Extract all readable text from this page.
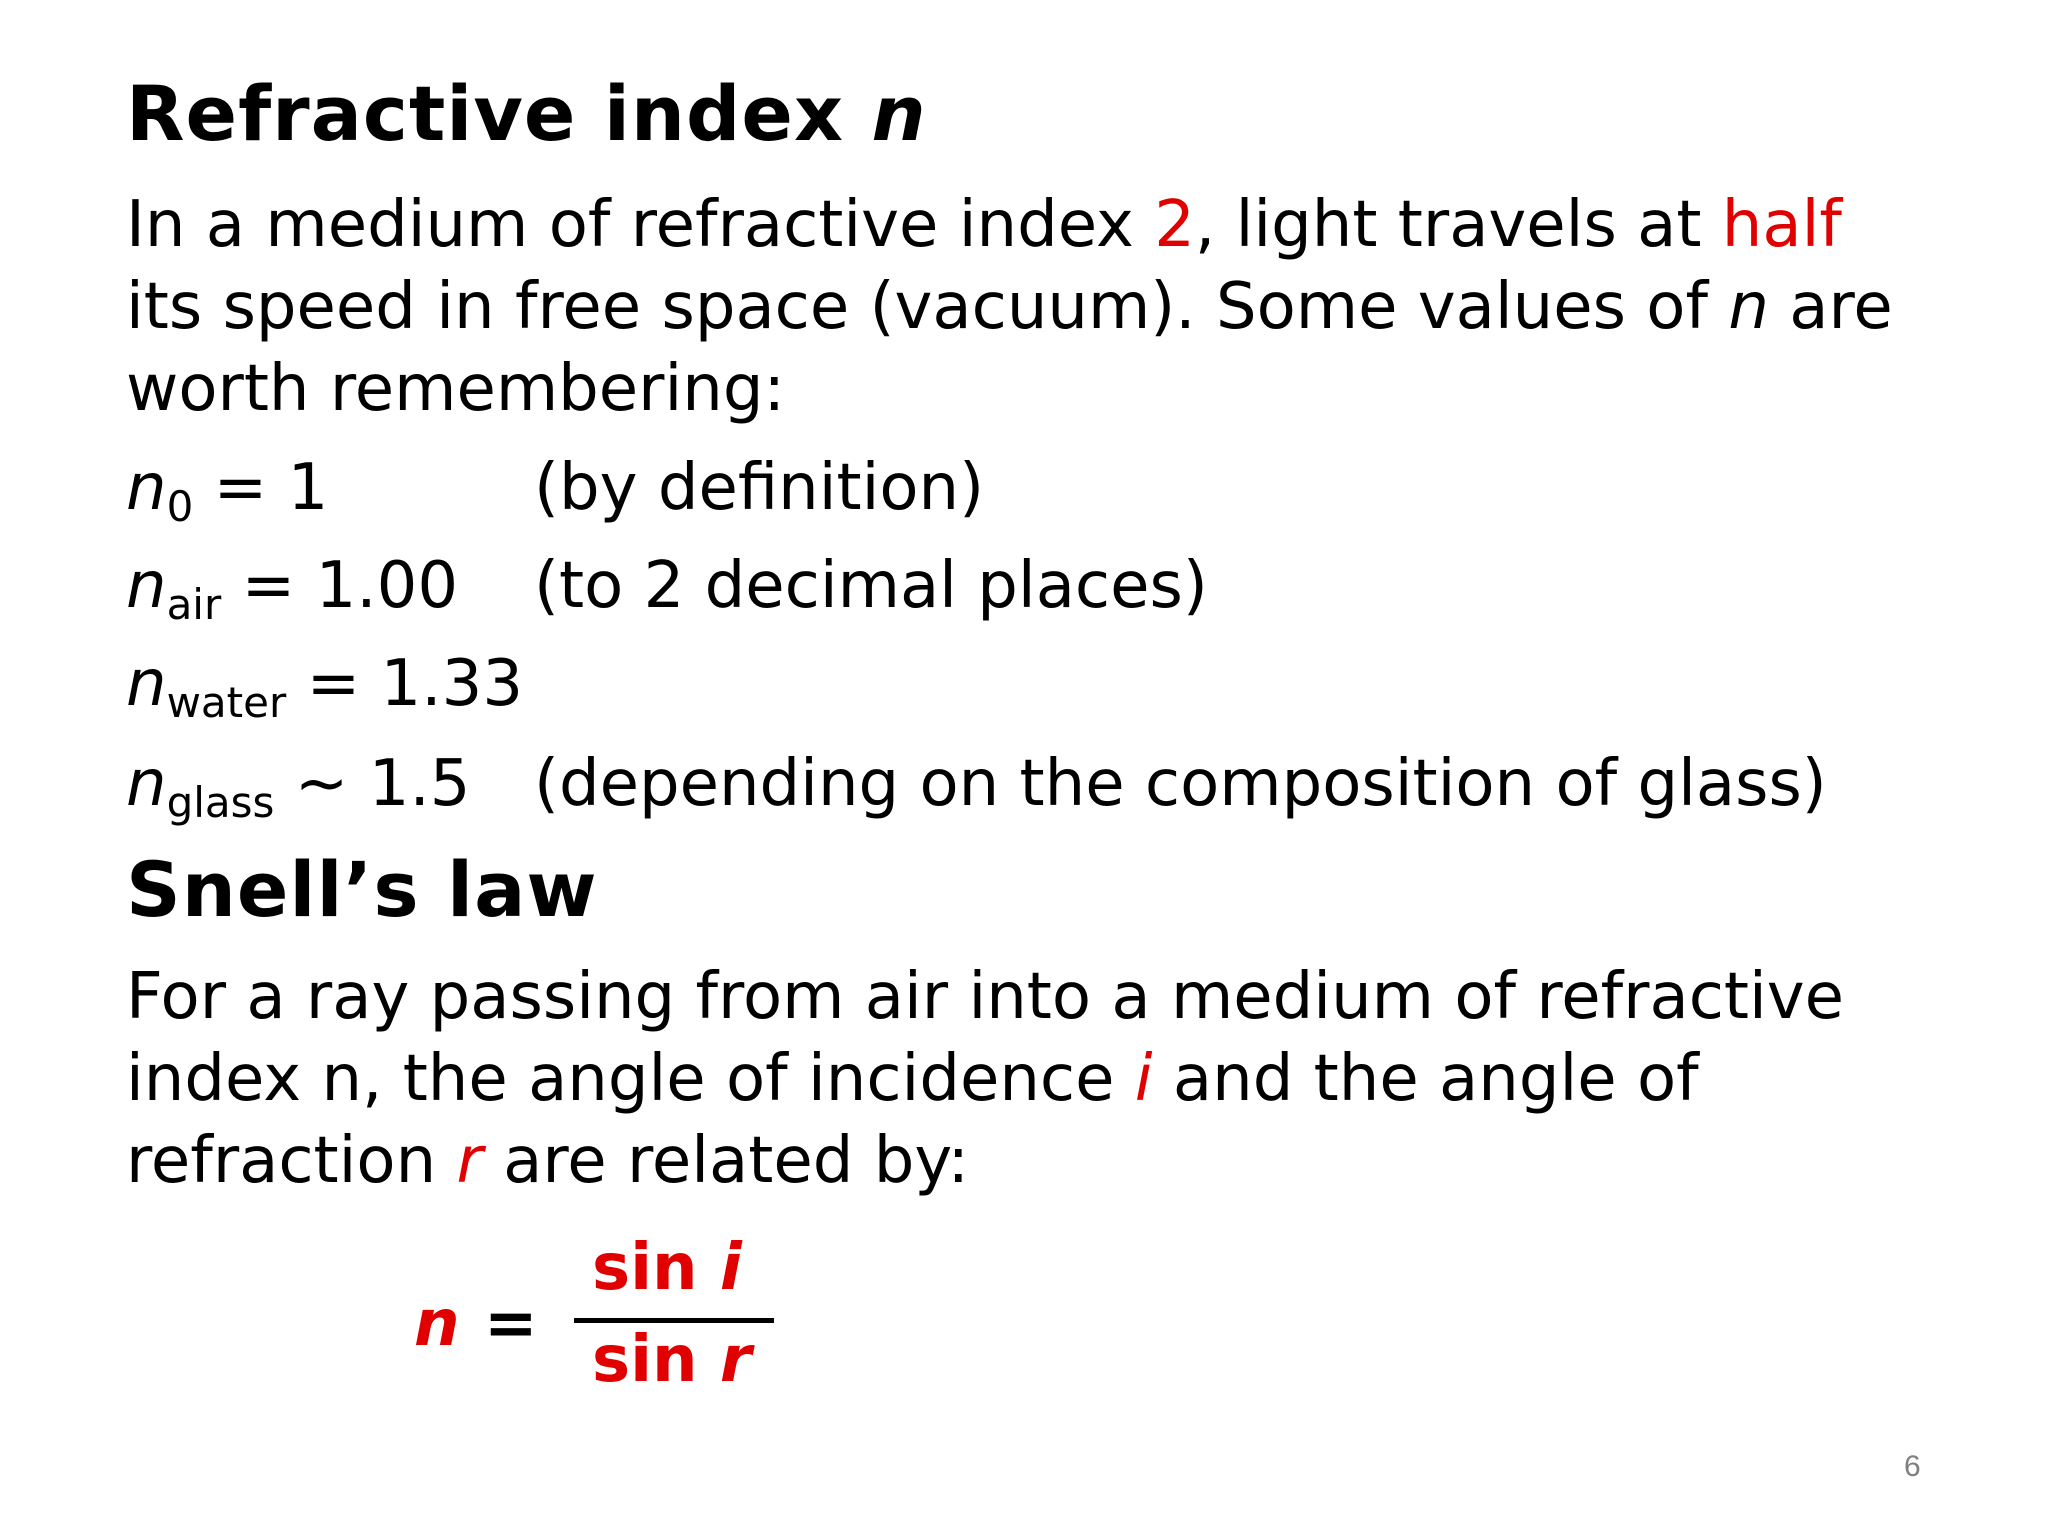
Refractive index n
In a medium of refractive index 2, light travels at half
its speed in free space (vacuum). Some values of n are
worth remembering:
$n_0 = 1$	(by definition)
$n_{air} = 1.00$ (to 2 decimal places)
$n_{water} = 1.33$
$n_{glass}$ ~ 1.5 (depending on the composition of glass)
Snell’s law
For a ray passing from air into a medium of refractive
index n, the angle of incidence i and the angle of
refraction r are related by:
n =
sin i
sin r
6
